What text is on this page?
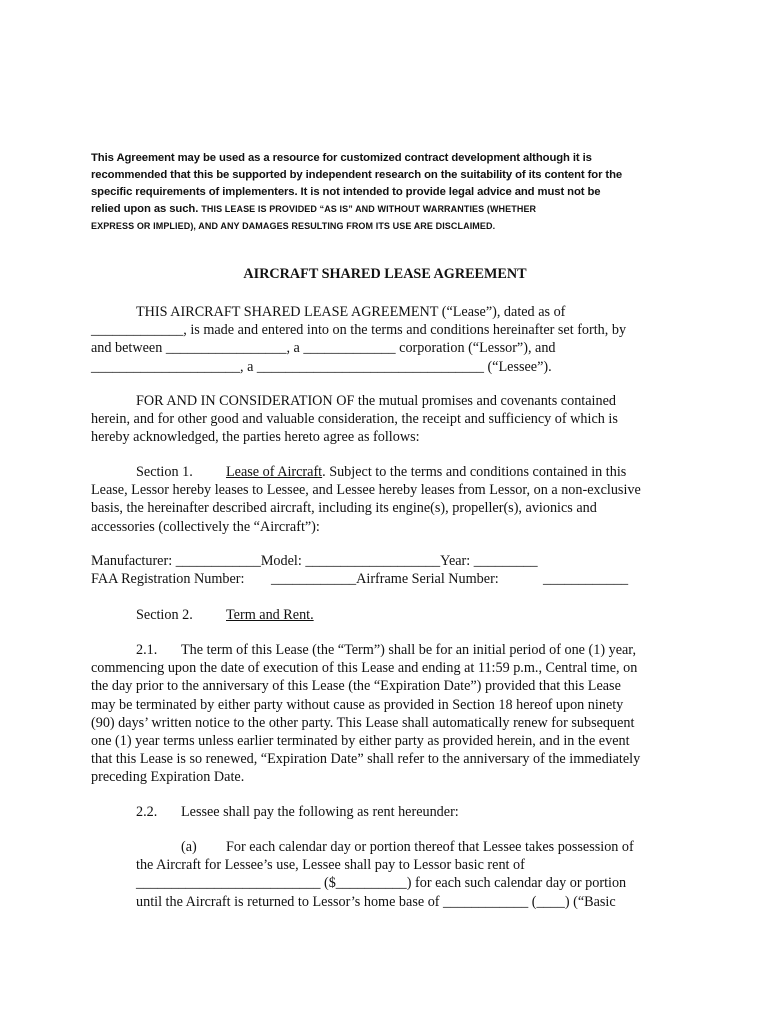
This Agreement may be used as a resource for customized contract development although it is
recommended that this be supported by independent research on the suitability of its content for the
specific requirements of implementers. It is not intended to provide legal advice and must not be
relied upon as such. THIS LEASE IS PROVIDED “AS IS” AND WITHOUT WARRANTIES (WHETHER
EXPRESS OR IMPLIED), AND ANY DAMAGES RESULTING FROM ITS USE ARE DISCLAIMED.
AIRCRAFT SHARED LEASE AGREEMENT
THIS AIRCRAFT SHARED LEASE AGREEMENT (“Lease”), dated as of
_____________, is made and entered into on the terms and conditions hereinafter set forth, by
and between _________________, a _____________ corporation (“Lessor”), and
_____________________, a ________________________________ (“Lessee”).
FOR AND IN CONSIDERATION OF the mutual promises and covenants contained
herein, and for other good and valuable consideration, the receipt and sufficiency of which is
hereby acknowledged, the parties hereto agree as follows:
Section 1. Lease of Aircraft. Subject to the terms and conditions contained in this
Lease, Lessor hereby leases to Lessee, and Lessee hereby leases from Lessor, on a non-exclusive
basis, the hereinafter described aircraft, including its engine(s), propeller(s), avionics and
accessories (collectively the “Aircraft”):
Manufacturer: ____________Model: ___________________Year: _________
FAA Registration Number: ____________Airframe Serial Number:	____________
Section 2. Term and Rent.
2.1. The term of this Lease (the “Term”) shall be for an initial period of one (1) year,
commencing upon the date of execution of this Lease and ending at 11:59 p.m., Central time, on
the day prior to the anniversary of this Lease (the “Expiration Date”) provided that this Lease
may be terminated by either party without cause as provided in Section 18 hereof upon ninety
(90) days’ written notice to the other party. This Lease shall automatically renew for subsequent
one (1) year terms unless earlier terminated by either party as provided herein, and in the event
that this Lease is so renewed, “Expiration Date” shall refer to the anniversary of the immediately
preceding Expiration Date.
2.2. Lessee shall pay the following as rent hereunder:
(a) For each calendar day or portion thereof that Lessee takes possession of
the Aircraft for Lessee’s use, Lessee shall pay to Lessor basic rent of
__________________________ ($__________) for each such calendar day or portion
until the Aircraft is returned to Lessor’s home base of ____________ (____) (“Basic
